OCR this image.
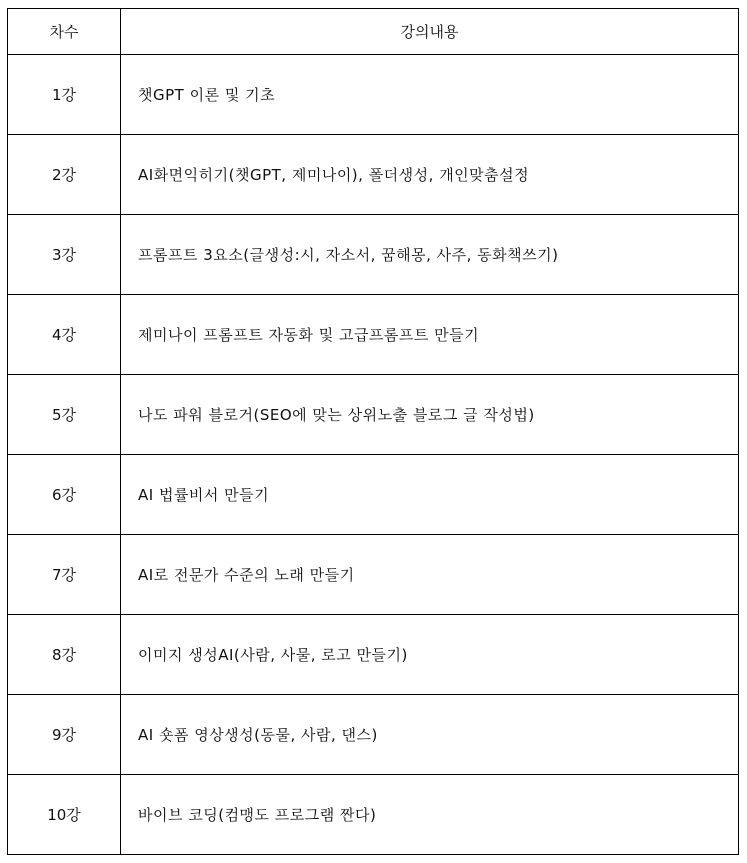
차수	강의내용
1강	챗GPT 이론 및 기초
2강	AI화면익히기(챗GPT, 제미나이), 폴더생성, 개인맞춤설정
3강	프롬프트 3요소(글생성:시, 자소서, 꿈해몽, 사주, 동화책쓰기)
4강	제미나이 프롬프트 자동화 및 고급프롬프트 만들기
5강	나도 파워 블로거(SEO에 맞는 상위노출 블로그 글 작성법)
6강	AI 법률비서 만들기
7강	AI로 전문가 수준의 노래 만들기
8강	이미지 생성AI(사람, 사물, 로고 만들기)
9강	AI 숏폼 영상생성(동물, 사람, 댄스)
10강	바이브 코딩(컴맹도 프로그램 짠다)
